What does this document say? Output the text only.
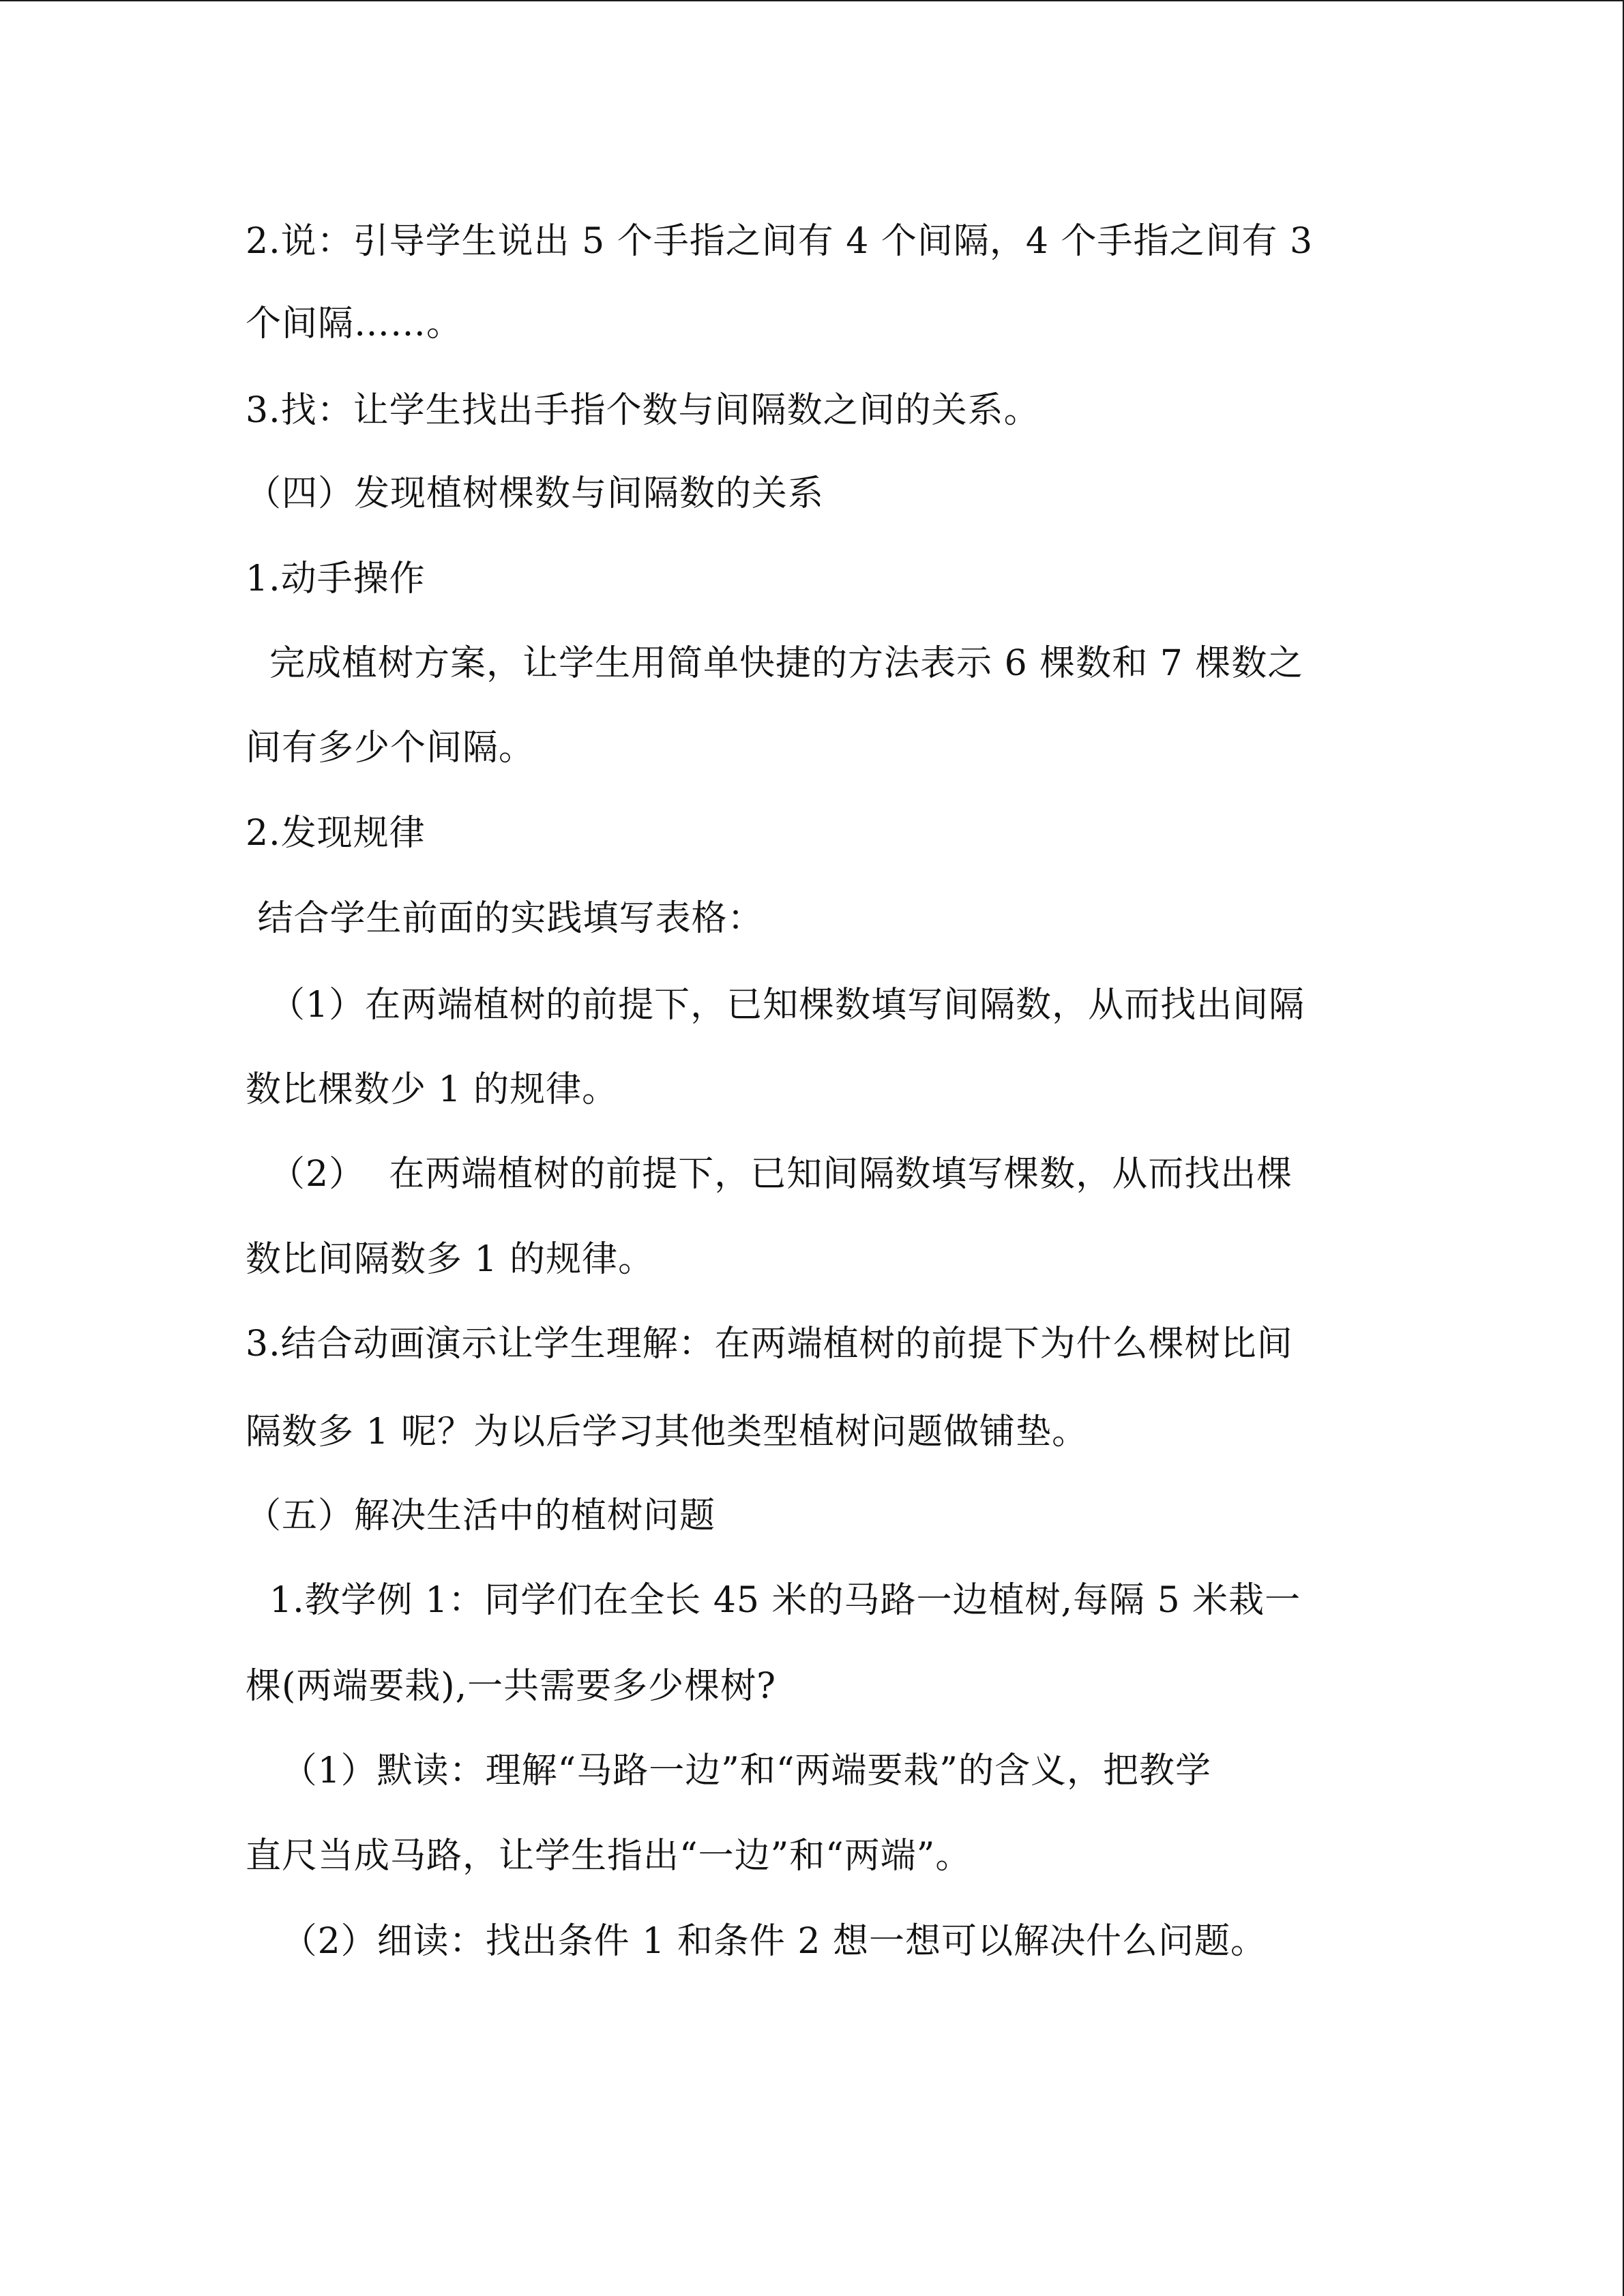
2.说：引导学生说出 5 个手指之间有 4 个间隔，4 个手指之间有 3
个间隔……。
3.找：让学生找出手指个数与间隔数之间的关系。
（四）发现植树棵数与间隔数的关系
1.动手操作
完成植树方案，让学生用简单快捷的方法表示 6 棵数和 7 棵数之
间有多少个间隔。
2.发现规律
结合学生前面的实践填写表格：
（1）在两端植树的前提下，已知棵数填写间隔数，从而找出间隔
数比棵数少 1 的规律。
（2）  在两端植树的前提下，已知间隔数填写棵数，从而找出棵
数比间隔数多 1 的规律。
3.结合动画演示让学生理解：在两端植树的前提下为什么棵树比间
隔数多 1 呢？为以后学习其他类型植树问题做铺垫。
（五）解决生活中的植树问题
1.教学例 1：同学们在全长 45 米的马路一边植树,每隔 5 米栽一
棵(两端要栽),一共需要多少棵树?
（1）默读：理解“马路一边”和“两端要栽”的含义，把教学
直尺当成马路，让学生指出“一边”和“两端”。
（2）细读：找出条件 1 和条件 2 想一想可以解决什么问题。
